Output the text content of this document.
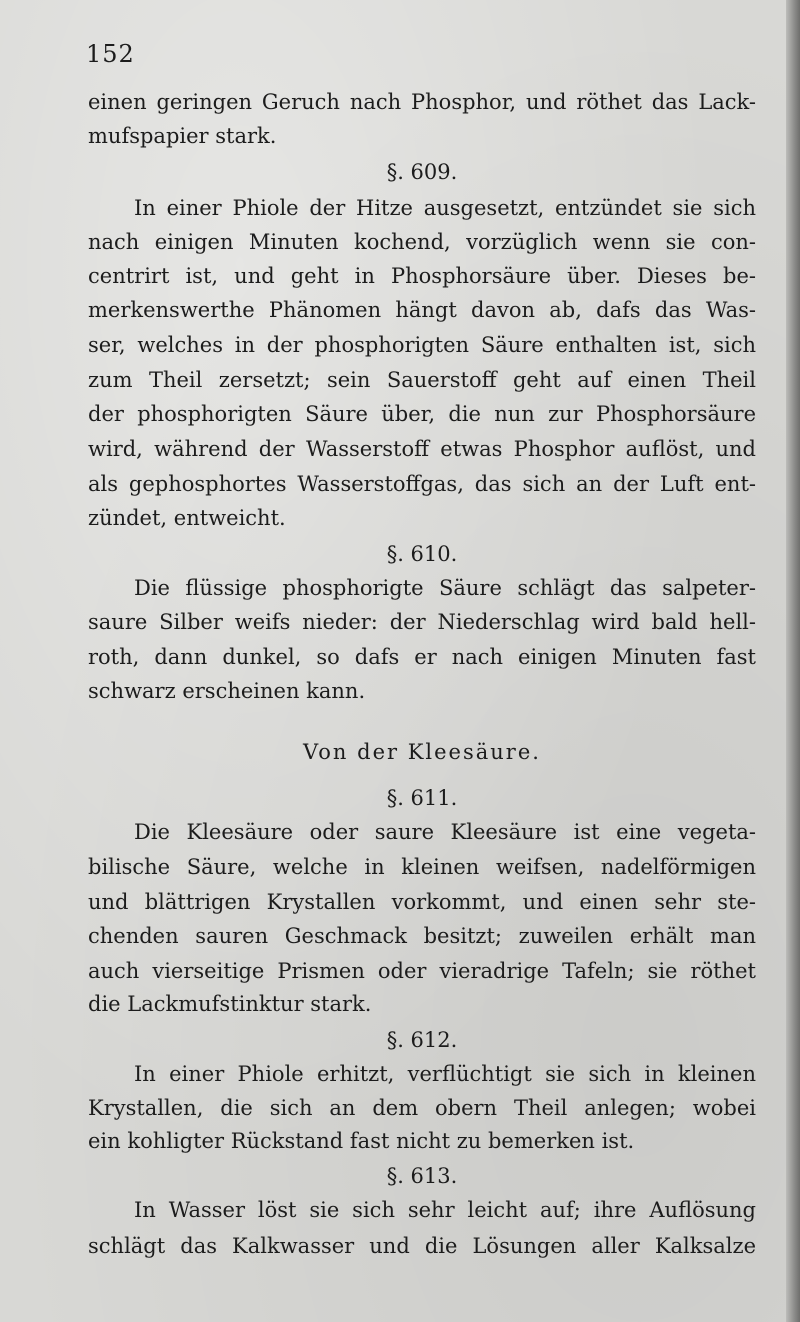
152
einen geringen Geruch nach Phosphor, und röthet das Lack-
mufspapier stark.
§. 609.
In einer Phiole der Hitze ausgesetzt, entzündet sie sich
nach einigen Minuten kochend, vorzüglich wenn sie con-
centrirt ist, und geht in Phosphorsäure über. Dieses be-
merkenswerthe Phänomen hängt davon ab, dafs das Was-
ser, welches in der phosphorigten Säure enthalten ist, sich
zum Theil zersetzt; sein Sauerstoff geht auf einen Theil
der phosphorigten Säure über, die nun zur Phosphorsäure
wird, während der Wasserstoff etwas Phosphor auflöst, und
als gephosphortes Wasserstoffgas, das sich an der Luft ent-
zündet, entweicht.
§. 610.
Die flüssige phosphorigte Säure schlägt das salpeter-
saure Silber weifs nieder: der Niederschlag wird bald hell-
roth, dann dunkel, so dafs er nach einigen Minuten fast
schwarz erscheinen kann.
Von der Kleesäure.
§. 611.
Die Kleesäure oder saure Kleesäure ist eine vegeta-
bilische Säure, welche in kleinen weifsen, nadelförmigen
und blättrigen Krystallen vorkommt, und einen sehr ste-
chenden sauren Geschmack besitzt; zuweilen erhält man
auch vierseitige Prismen oder vieradrige Tafeln; sie röthet
die Lackmufstinktur stark.
§. 612.
In einer Phiole erhitzt, verflüchtigt sie sich in kleinen
Krystallen, die sich an dem obern Theil anlegen; wobei
ein kohligter Rückstand fast nicht zu bemerken ist.
§. 613.
In Wasser löst sie sich sehr leicht auf; ihre Auflösung
schlägt das Kalkwasser und die Lösungen aller Kalksalze
